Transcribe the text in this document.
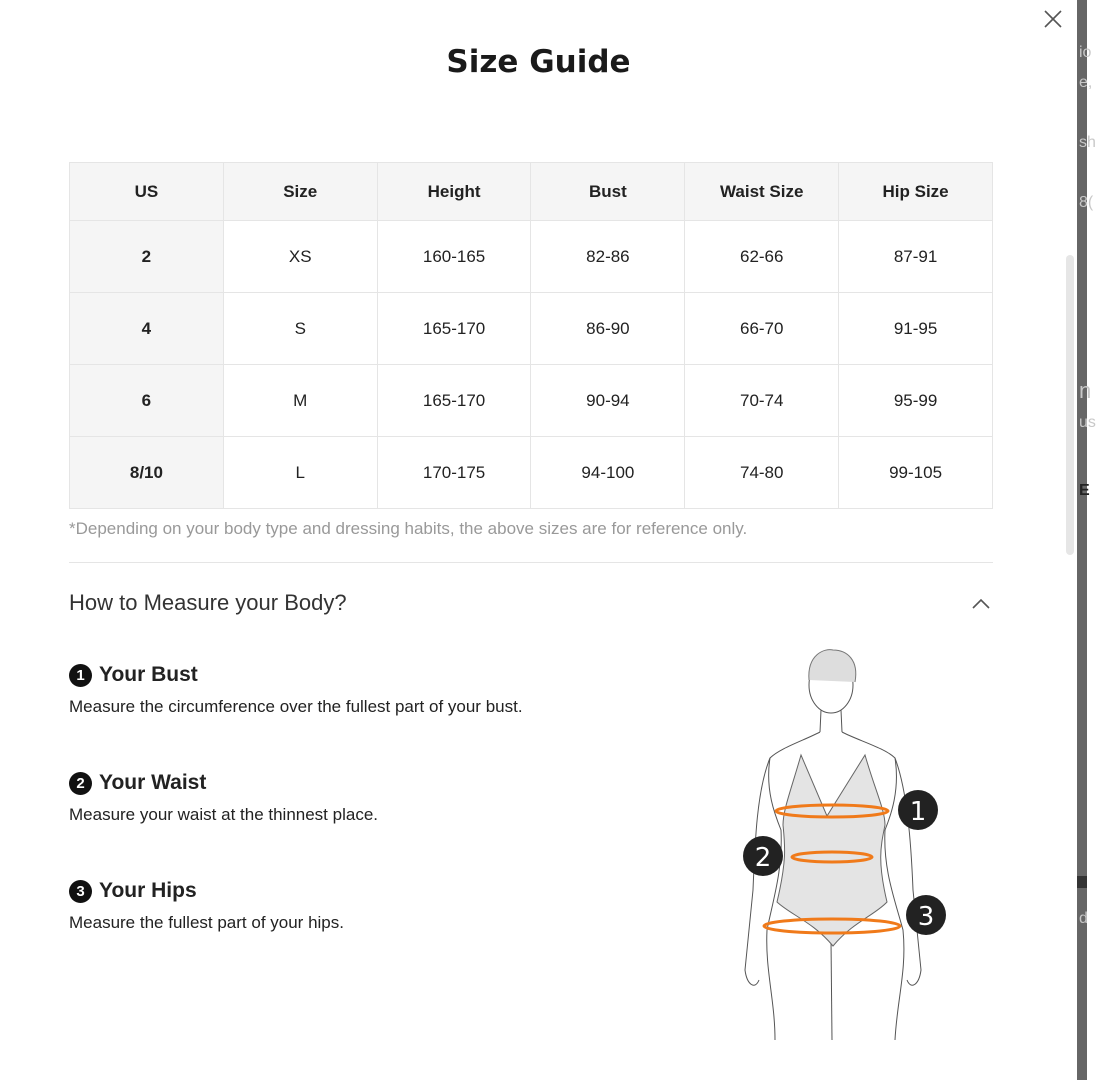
io
e,
sh
8(
n
us
E
d
Size Guide
US	Size	Height	Bust	Waist Size	Hip Size
2	XS	160-165	82-86	62-66	87-91
4	S	165-170	86-90	66-70	91-95
6	M	165-170	90-94	70-74	95-99
8/10	L	170-175	94-100	74-80	99-105
*Depending on your body type and dressing habits, the above sizes are for reference only.
How to Measure your Body?
1 Your Bust
Measure the circumference over the fullest part of your bust.
2 Your Waist
Measure your waist at the thinnest place.
3 Your Hips
Measure the fullest part of your hips.
1
2
3
